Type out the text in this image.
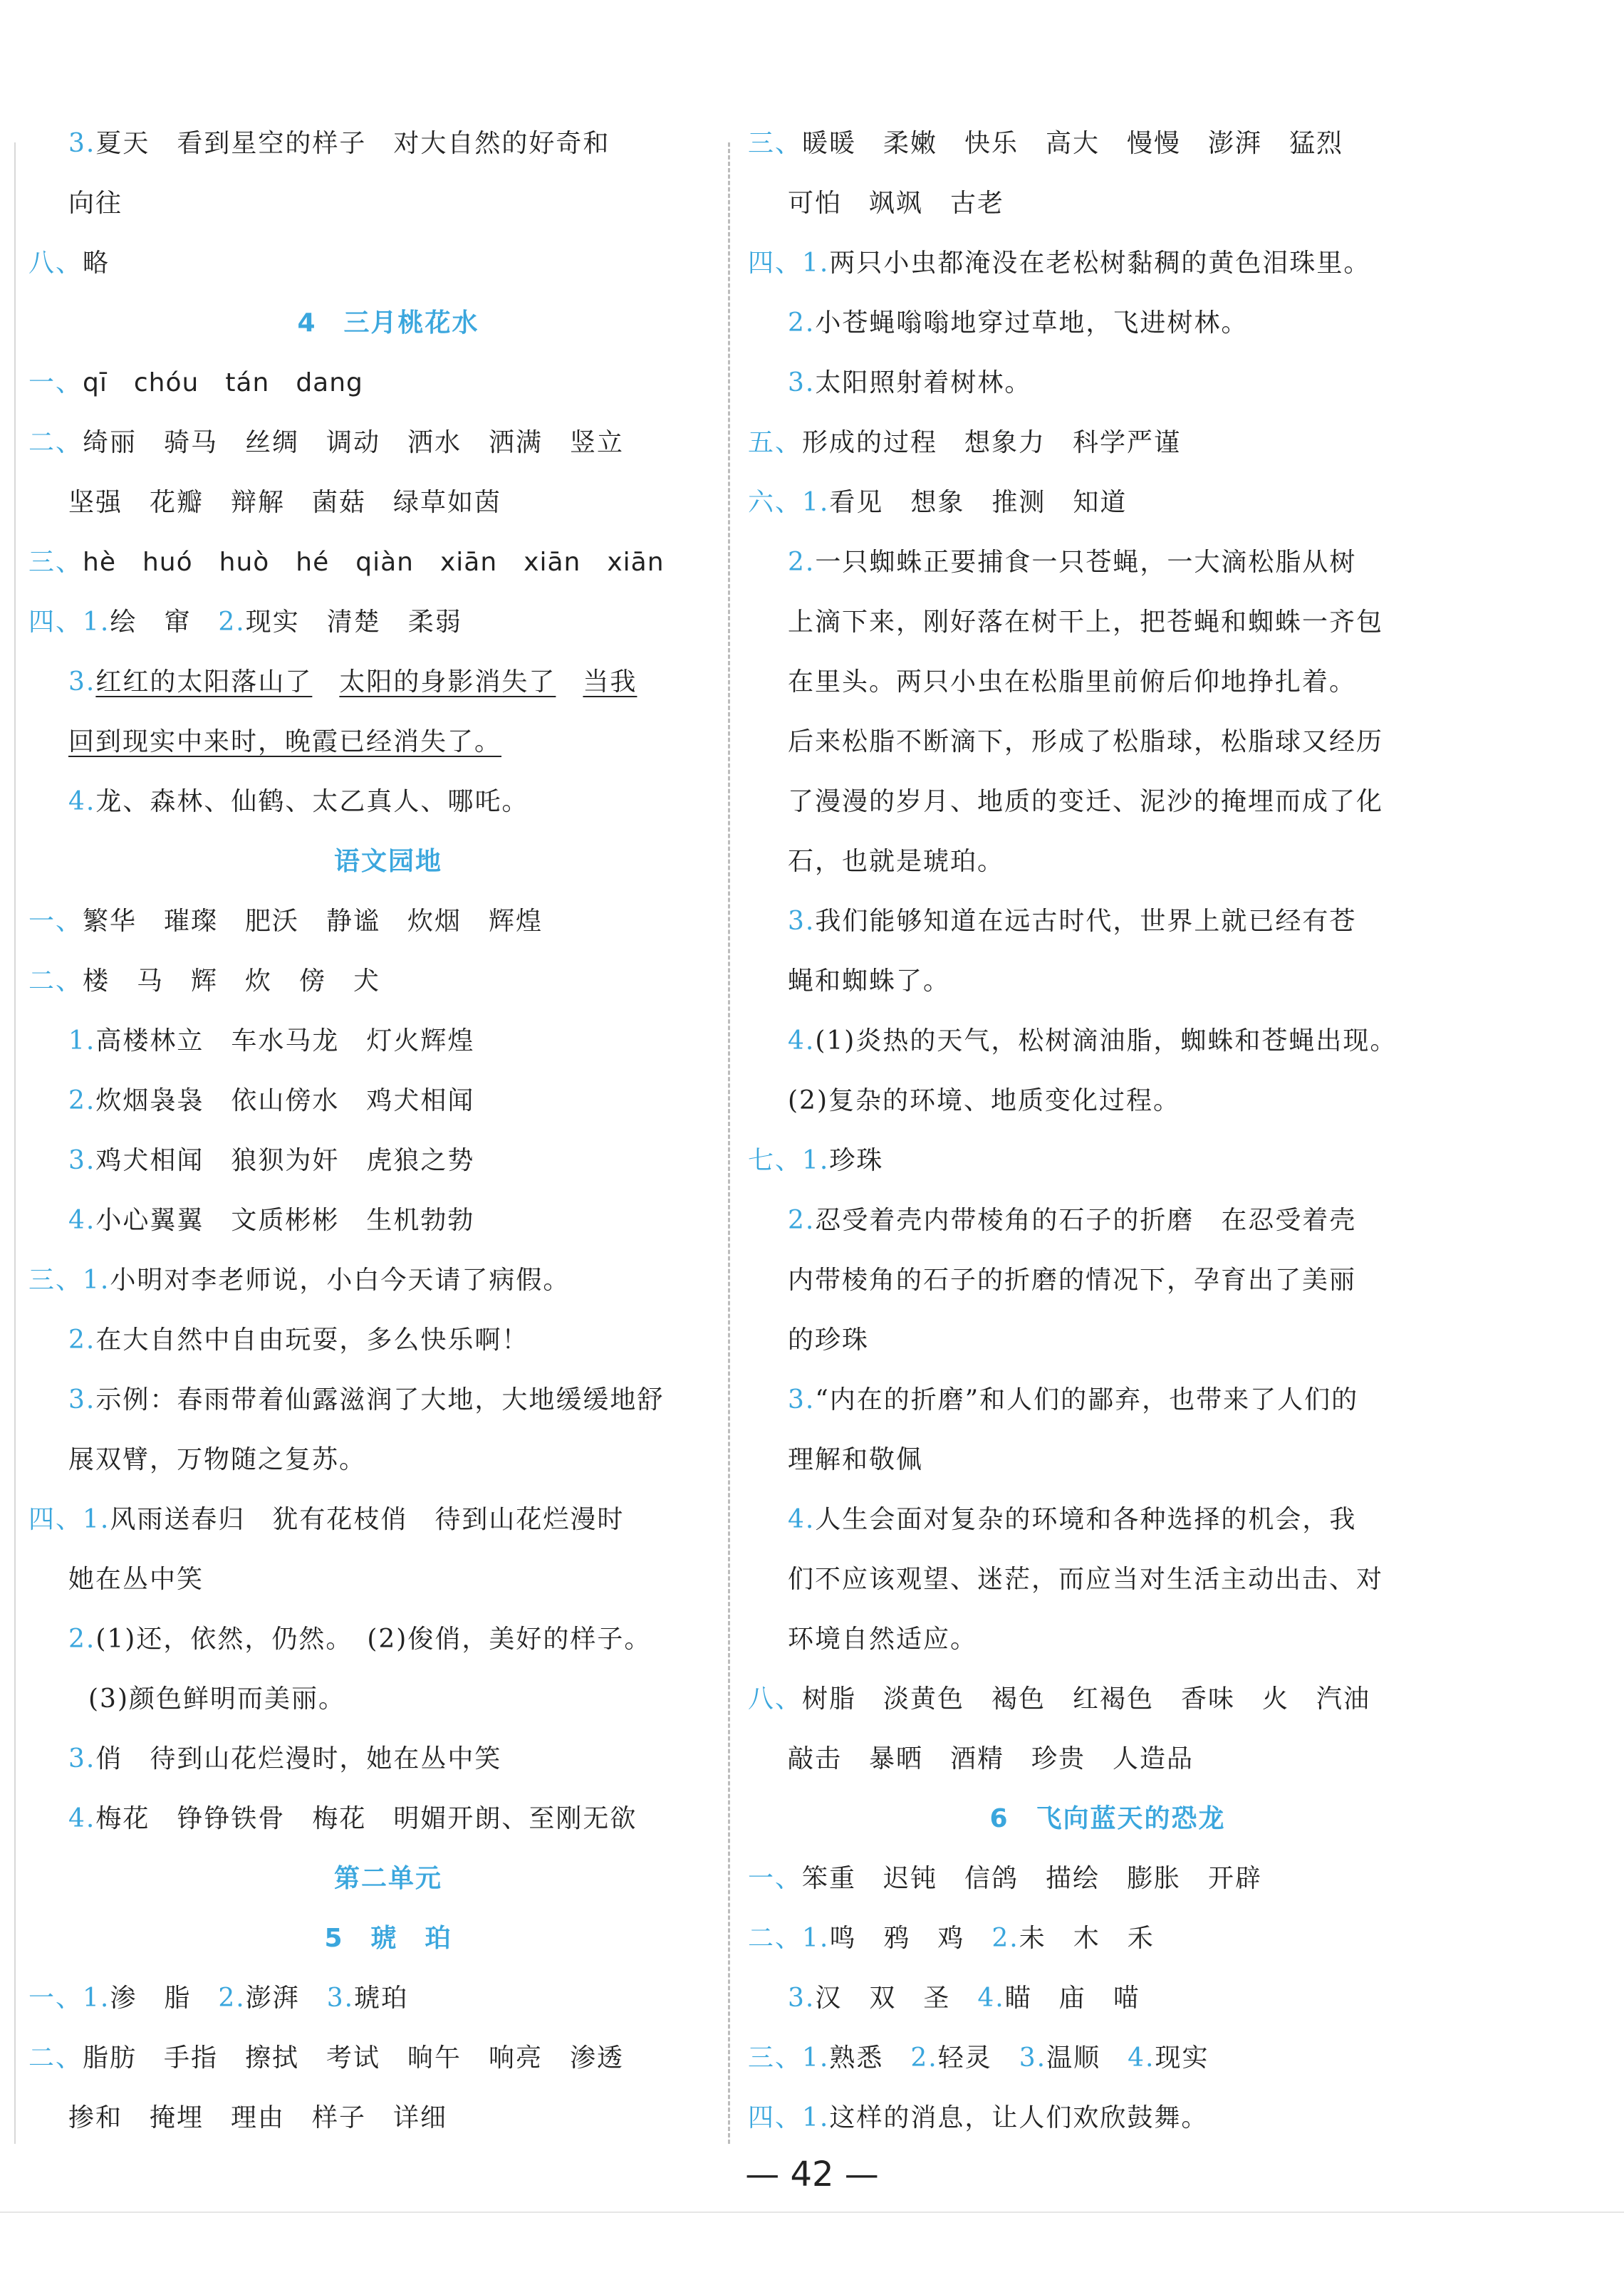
3.夏天　看到星空的样子　对大自然的好奇和
向往
八、略
4　三月桃花水
一、qī　chóu　tán　dang
二、绮丽　骑马　丝绸　调动　洒水　洒满　竖立
坚强　花瓣　辩解　菌菇　绿草如茵
三、hè　huó　huò　hé　qiàn　xiān　xiān　xiān
四、1.绘　窜　2.现实　清楚　柔弱
3.红红的太阳落山了　 太阳的身影消失了　 当我
回到现实中来时，晚霞已经消失了。
4.龙、森林、仙鹤、太乙真人、哪吒。
语文园地
一、繁华　璀璨　肥沃　静谧　炊烟　辉煌
二、楼　马　辉　炊　傍　犬
1.高楼林立　车水马龙　灯火辉煌
2.炊烟袅袅　依山傍水　鸡犬相闻
3.鸡犬相闻　狼狈为奸　虎狼之势
4.小心翼翼　文质彬彬　生机勃勃
三、1.小明对李老师说，小白今天请了病假。
2.在大自然中自由玩耍，多么快乐啊！
3.示例：春雨带着仙露滋润了大地，大地缓缓地舒
展双臂，万物随之复苏。
四、1.风雨送春归　犹有花枝俏　待到山花烂漫时
她在丛中笑
2.(1)还，依然，仍然。　(2)俊俏，美好的样子。
(3)颜色鲜明而美丽。
3.俏　待到山花烂漫时，她在丛中笑
4.梅花　铮铮铁骨　梅花　明媚开朗、至刚无欲
第二单元
5　琥　珀
一、1.渗　脂　2.澎湃　3.琥珀
二、脂肪　手指　擦拭　考试　晌午　响亮　渗透
掺和　掩埋　理由　样子　详细
三、暖暖　柔嫩　快乐　高大　慢慢　澎湃　猛烈
可怕　飒飒　古老
四、1.两只小虫都淹没在老松树黏稠的黄色泪珠里。
2.小苍蝇嗡嗡地穿过草地，飞进树林。
3.太阳照射着树林。
五、形成的过程　想象力　科学严谨
六、1.看见　想象　推测　知道
2.一只蜘蛛正要捕食一只苍蝇，一大滴松脂从树
上滴下来，刚好落在树干上，把苍蝇和蜘蛛一齐包
在里头。两只小虫在松脂里前俯后仰地挣扎着。
后来松脂不断滴下，形成了松脂球，松脂球又经历
了漫漫的岁月、地质的变迁、泥沙的掩埋而成了化
石，也就是琥珀。
3.我们能够知道在远古时代，世界上就已经有苍
蝇和蜘蛛了。
4.(1)炎热的天气，松树滴油脂，蜘蛛和苍蝇出现。
(2)复杂的环境、地质变化过程。
七、1.珍珠
2.忍受着壳内带棱角的石子的折磨　在忍受着壳
内带棱角的石子的折磨的情况下，孕育出了美丽
的珍珠
3.“内在的折磨”和人们的鄙弃，也带来了人们的
理解和敬佩
4.人生会面对复杂的环境和各种选择的机会，我
们不应该观望、迷茫，而应当对生活主动出击、对
环境自然适应。
八、树脂　淡黄色　褐色　红褐色　香味　火　汽油
敲击　暴晒　酒精　珍贵　人造品
6　飞向蓝天的恐龙
一、笨重　迟钝　信鸽　描绘　膨胀　开辟
二、1.鸣　鸦　鸡　2.未　木　禾
3.汉　双　圣　4.瞄　庙　喵
三、1.熟悉　2.轻灵　3.温顺　4.现实
四、1.这样的消息，让人们欢欣鼓舞。
— 42 —
